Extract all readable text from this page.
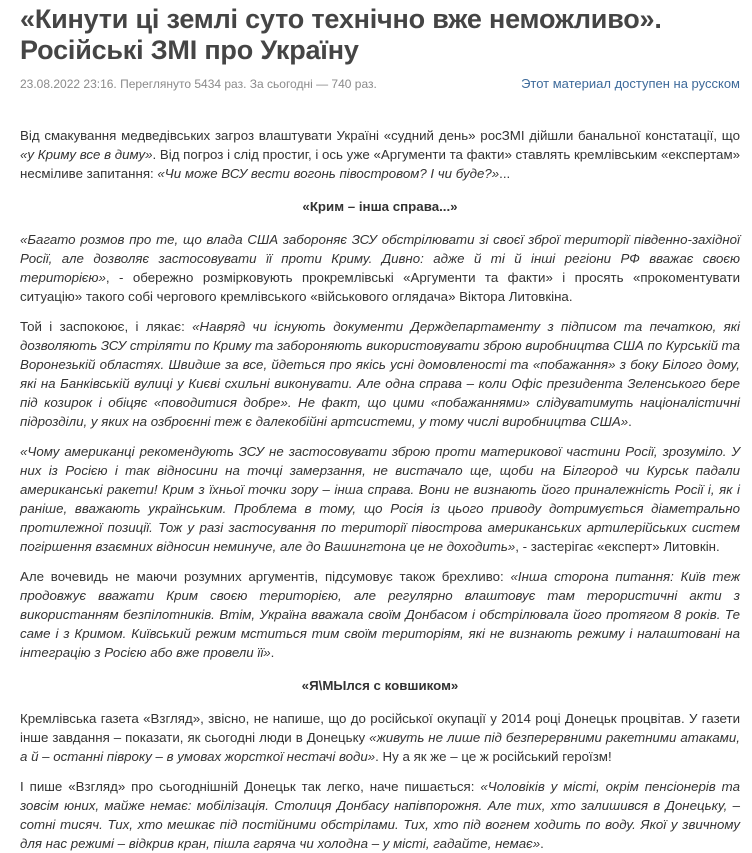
«Кинути ці землі суто технічно вже неможливо». Російські ЗМІ про Україну
23.08.2022 23:16. Переглянуто 5434 раз. За сьогодні — 740 раз.	Этот материал доступен на русском

Від смакування медведівських загроз влаштувати Україні «судний день» росЗМІ дійшли банальної констатації, що «у Криму все в диму». Від погроз і слід простиг, і ось уже «Аргументи та факти» ставлять кремлівським «експертам» несміливе запитання: «Чи може ВСУ вести вогонь півостровом? І чи буде?»...

«Крим – інша справа...»

«Багато розмов про те, що влада США забороняє ЗСУ обстрілювати зі своєї зброї території південно-західної Росії, але дозволяє застосовувати її проти Криму. Дивно: адже й ті й інші регіони РФ вважає своєю територією», - обережно розмірковують прокремлівські «Аргументи та факти» і просять «прокоментувати ситуацію» такого собі чергового кремлівського «військового оглядача» Віктора Литовкіна.

Той і заспокоює, і лякає: «Навряд чи існують документи Держдепартаменту з підписом та печаткою, які дозволяють ЗСУ стріляти по Криму та забороняють використовувати зброю виробництва США по Курській та Воронезькій областях. Швидше за все, йдеться про якісь усні домовленості та «побажання» з боку Білого дому, які на Банківській вулиці у Києві схильні виконувати. Але одна справа – коли Офіс президента Зеленського бере під козирок і обіцяє «поводитися добре». Не факт, що цими «побажаннями» слідуватимуть націоналістичні підрозділи, у яких на озброєнні теж є далекобійні артсистеми, у тому числі виробництва США».

«Чому американці рекомендують ЗСУ не застосовувати зброю проти материкової частини Росії, зрозуміло. У них із Росією і так відносини на точці замерзання, не вистачало ще, щоби на Білгород чи Курськ падали американські ракети! Крим з їхньої точки зору – інша справа. Вони не визнають його приналежність Росії і, як і раніше, вважають українським. Проблема в тому, що Росія із цього приводу дотримується діаметрально протилежної позиції. Тож у разі застосування по території півострова американських артилерійських систем погіршення взаємних відносин неминуче, але до Вашингтона це не доходить», - застерігає «експерт» Литовкін.

Але вочевидь не маючи розумних аргументів, підсумовує також брехливо: «Інша сторона питання: Київ теж продовжує вважати Крим своєю територією, але регулярно влаштовує там терористичні акти з використанням безпілотників. Втім, Україна вважала своїм Донбасом і обстрілювала його протягом 8 років. Те саме і з Кримом. Київський режим мститься тим своїм територіям, які не визнають режиму і налаштовані на інтеграцію з Росією або вже провели її».

«Я\МЫлся с ковшиком»

Кремлівська газета «Взгляд», звісно, не напише, що до російської окупації у 2014 році Донецьк процвітав. У газети інше завдання – показати, як сьогодні люди в Донецьку «живуть не лише під безперервними ракетними атаками, а й – останні півроку – в умовах жорсткої нестачі води». Ну а як же – це ж російський героїзм!

І пише «Взгляд» про сьогоднішній Донецьк так легко, наче пишається: «Чоловіків у місті, окрім пенсіонерів та зовсім юних, майже немає: мобілізація. Столиця Донбасу напівпорожня. Але тих, хто залишився в Донецьку, – сотні тисяч. Тих, хто мешкає під постійними обстрілами. Тих, хто під вогнем ходить по воду. Якої у звичному для нас режимі – відкрив кран, пішла гаряча чи холодна – у місті, гадайте, немає».
